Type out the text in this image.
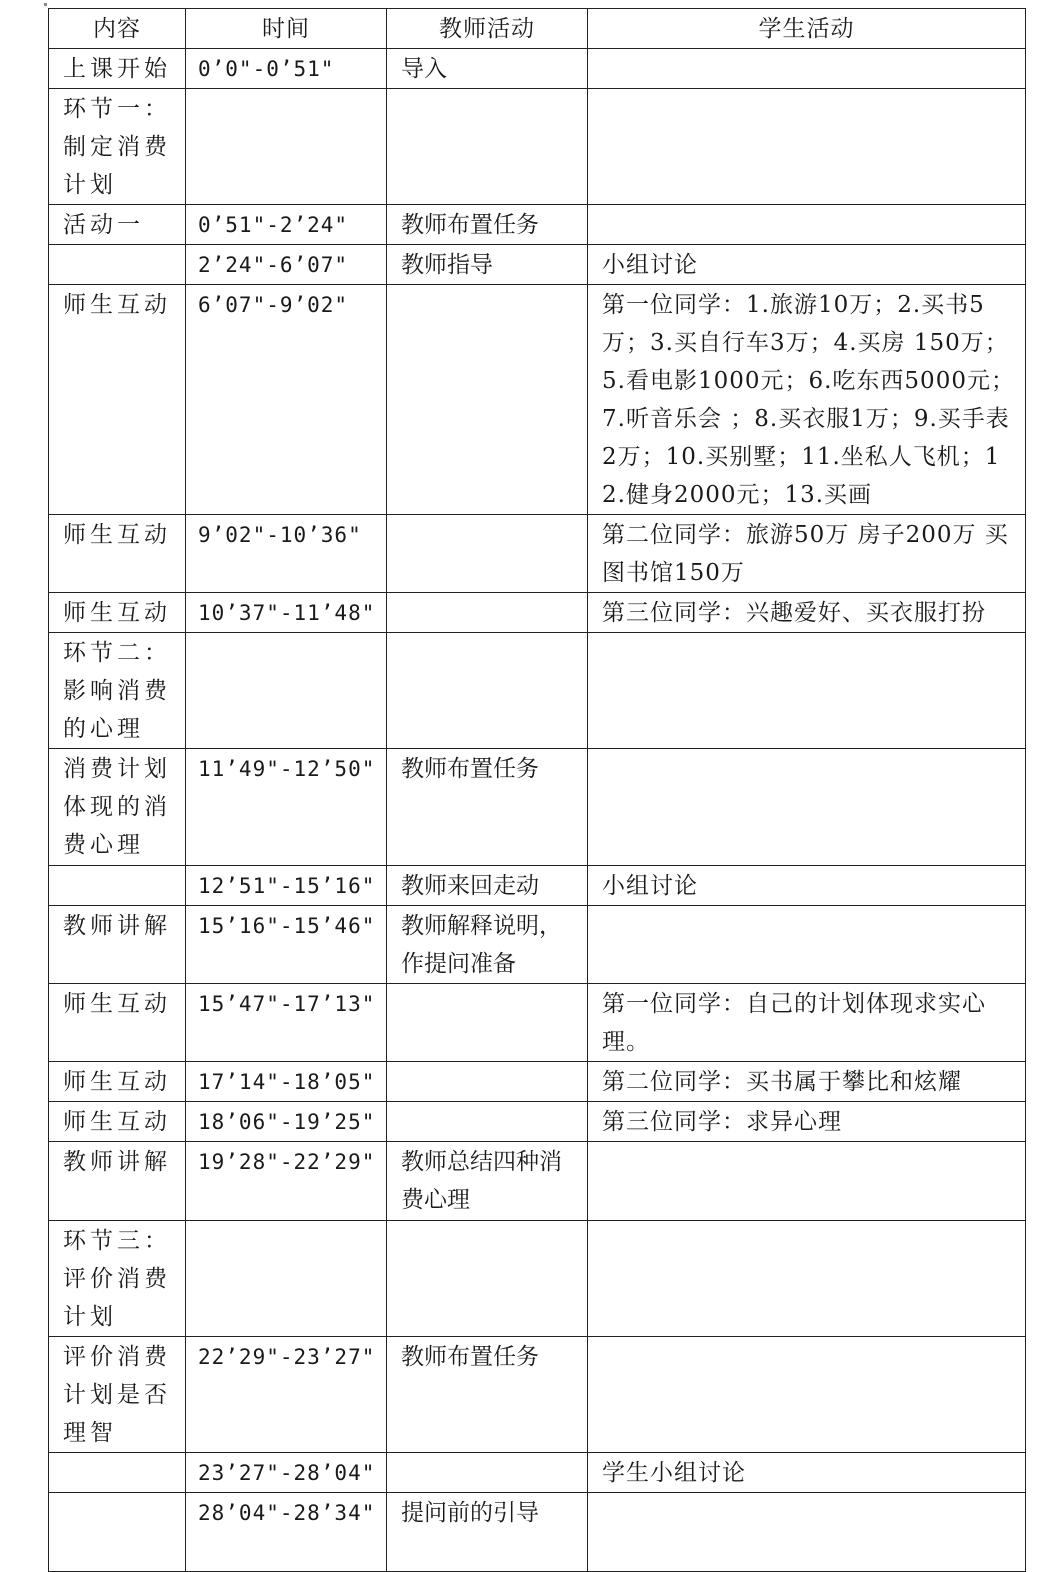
内容	时间	教师活动	学生活动
上课开始	0’0"-0’51"	导入	
环节一：制定消费计划			
活动一	0’51"-2’24"	教师布置任务	
	2’24"-6’07"	教师指导	小组讨论
师生互动	6’07"-9’02"		第一位同学：1.旅游10万；2.买书5万；3.买自行车3万；4.买房 150万；5.看电影1000元；6.吃东西5000元；7.听音乐会 ；8.买衣服1万；9.买手表2万；10.买别墅；11.坐私人飞机；12.健身2000元；13.买画
师生互动	9’02"-10’36"		第二位同学：旅游50万 房子200万 买图书馆150万
师生互动	10’37"-11’48"		第三位同学：兴趣爱好、买衣服打扮
环节二：影响消费的心理			
消费计划体现的消费心理	11’49"-12’50"	教师布置任务	
	12’51"-15’16"	教师来回走动	小组讨论
教师讲解	15’16"-15’46"	教师解释说明，作提问准备	
师生互动	15’47"-17’13"		第一位同学：自己的计划体现求实心理。
师生互动	17’14"-18’05"		第二位同学：买书属于攀比和炫耀
师生互动	18’06"-19’25"		第三位同学：求异心理
教师讲解	19’28"-22’29"	教师总结四种消费心理	
环节三：评价消费计划			
评价消费计划是否理智	22’29"-23’27"	教师布置任务	
	23’27"-28’04"		学生小组讨论
	28’04"-28’34"	提问前的引导	
